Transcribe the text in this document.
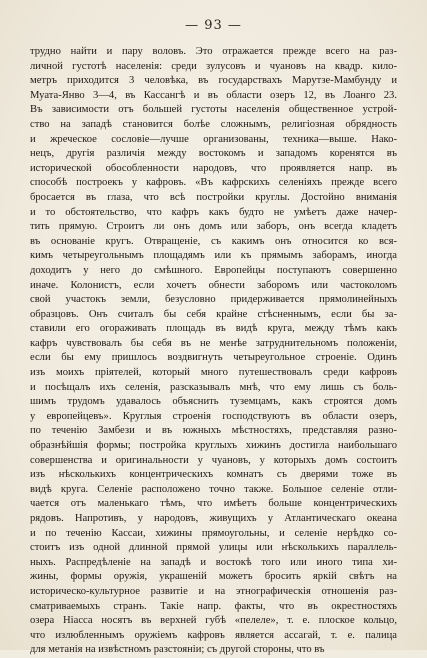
— 93 —
трудно найти и пару воловъ. Это отражается прежде всего на раз-
личной густотѣ населенія: среди зулусовъ и чуановъ на квадр. кило-
метръ приходится 3 человѣка, въ государствахъ Марутзе-Мамбунду и
Муата-Янво 3—4, въ Кассангѣ и въ области озеръ 12, въ Лоанго 23.
Въ зависимости отъ большей густоты населенія общественное устрой-
ство на западѣ становится болѣе сложнымъ, религіозная обрядность
и жреческое сословіе—лучше организованы, техника—выше. Нако-
нецъ, другія различія между востокомъ и западомъ коренятся въ
исторической обособленности народовъ, что проявляется напр. въ
способѣ построекъ у кафровъ. «Въ кафрскихъ селеніяхъ прежде всего
бросается въ глаза, что всѣ постройки круглы. Достойно вниманія
и то обстоятельство, что кафръ какъ будто не умѣетъ даже начер-
тить прямую. Строитъ ли онъ домъ или заборъ, онъ всегда кладетъ
въ основаніе кругъ. Отвращеніе, съ какимъ онъ относится ко вся-
кимъ четыреугольнымъ площадямъ или къ прямымъ заборамъ, иногда
доходитъ у него до смѣшного. Европейцы поступаютъ совершенно
иначе. Колонистъ, если хочетъ обнести заборомъ или частоколомъ
свой участокъ земли, безусловно придерживается прямолинейныхъ
образцовъ. Онъ считалъ бы себя крайне стѣсненнымъ, если бы за-
ставили его огораживать площадь въ видѣ круга, между тѣмъ какъ
кафръ чувствовалъ бы себя въ не менѣе затруднительномъ положеніи,
если бы ему пришлось воздвигнуть четыреугольное строеніе. Одинъ
изъ моихъ пріятелей, который много путешествовалъ среди кафровъ
и посѣщалъ ихъ селенія, разсказывалъ мнѣ, что ему лишь съ боль-
шимъ трудомъ удавалось объяснить туземцамъ, какъ строятся домъ
у европейцевъ». Круглыя строенія господствуютъ въ области озеръ,
по теченію Замбези и въ южныхъ мѣстностяхъ, представляя разно-
образнѣйшія формы; постройка круглыхъ хижинъ достигла наибольшаго
совершенства и оригинальности у чуановъ, у которыхъ домъ состоитъ
изъ нѣсколькихъ концентрическихъ комнатъ съ дверями тоже въ
видѣ круга. Селеніе расположено точно также. Большое селеніе отли-
чается отъ маленькаго тѣмъ, что имѣетъ больше концентрическихъ
рядовъ. Напротивъ, у народовъ, живущихъ у Атлантическаго океана
и по теченію Кассаи, хижины прямоугольны, и селеніе нерѣдко со-
стоитъ изъ одной длинной прямой улицы или нѣсколькихъ параллель-
ныхъ. Распредѣленіе на западѣ и востокѣ того или иного типа хи-
жины, формы оружія, украшеній можетъ бросить яркій свѣтъ на
историческо-культурное развитіе и на этнографическія отношенія раз-
сматриваемыхъ странъ. Такіе напр. факты, что въ окрестностяхъ
озера Ніасса носятъ въ верхней губѣ «пелеле», т. е. плоское кольцо,
что излюбленнымъ оружіемъ кафровъ является ассагай, т. е. палица
для метанія на извѣстномъ разстояніи; съ другой стороны, что въ
